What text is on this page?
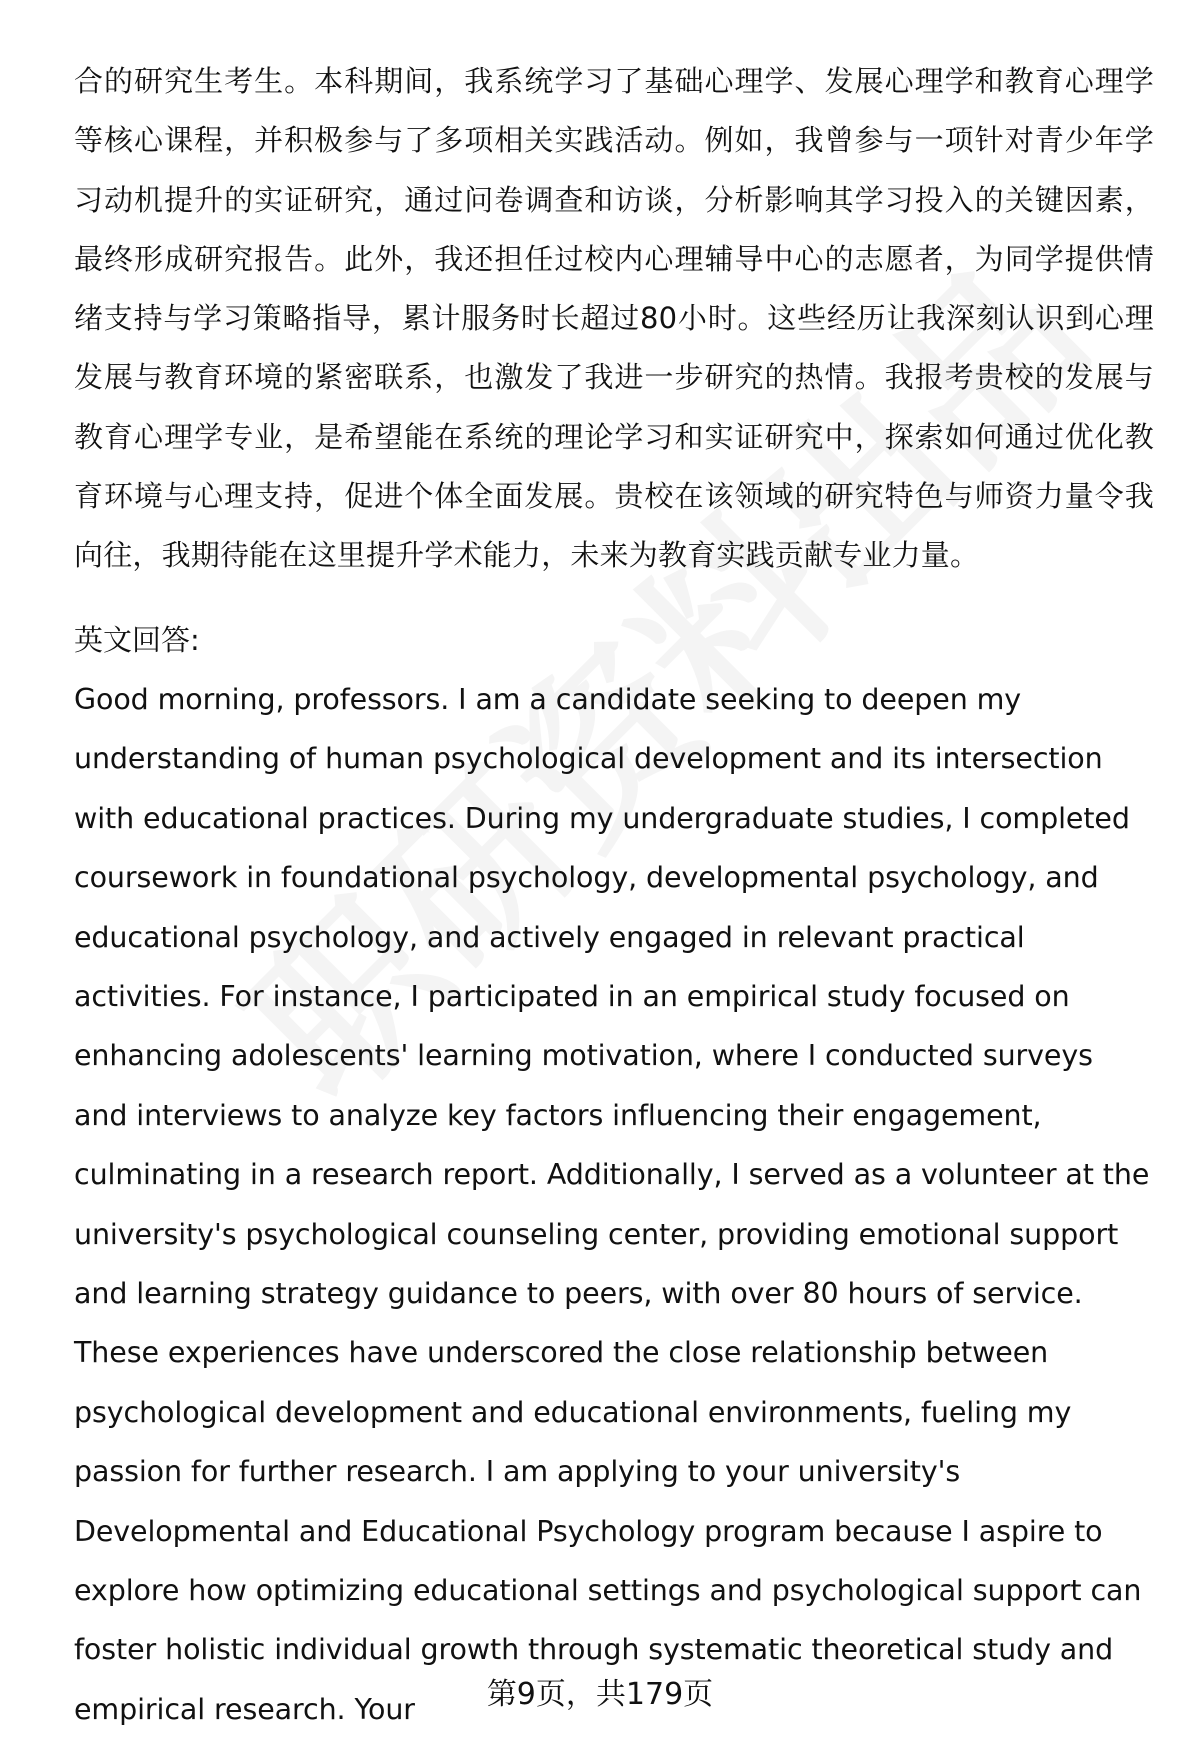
合的研究生考生。本科期间，我系统学习了基础心理学、发展心理学和教育心理学等核心课程，并积极参与了多项相关实践活动。例如，我曾参与一项针对青少年学习动机提升的实证研究，通过问卷调查和访谈，分析影响其学习投入的关键因素，最终形成研究报告。此外，我还担任过校内心理辅导中心的志愿者，为同学提供情绪支持与学习策略指导，累计服务时长超过80小时。这些经历让我深刻认识到心理发展与教育环境的紧密联系，也激发了我进一步研究的热情。我报考贵校的发展与教育心理学专业，是希望能在系统的理论学习和实证研究中，探索如何通过优化教育环境与心理支持，促进个体全面发展。贵校在该领域的研究特色与师资力量令我向往，我期待能在这里提升学术能力，未来为教育实践贡献专业力量。

英文回答:

Good morning, professors. I am a candidate seeking to deepen my understanding of human psychological development and its intersection with educational practices. During my undergraduate studies, I completed coursework in foundational psychology, developmental psychology, and educational psychology, and actively engaged in relevant practical activities. For instance, I participated in an empirical study focused on enhancing adolescents' learning motivation, where I conducted surveys and interviews to analyze key factors influencing their engagement, culminating in a research report. Additionally, I served as a volunteer at the university's psychological counseling center, providing emotional support and learning strategy guidance to peers, with over 80 hours of service. These experiences have underscored the close relationship between psychological development and educational environments, fueling my passion for further research. I am applying to your university's Developmental and Educational Psychology program because I aspire to explore how optimizing educational settings and psychological support can foster holistic individual growth through systematic theoretical study and empirical research. Your	第9页，共179页
